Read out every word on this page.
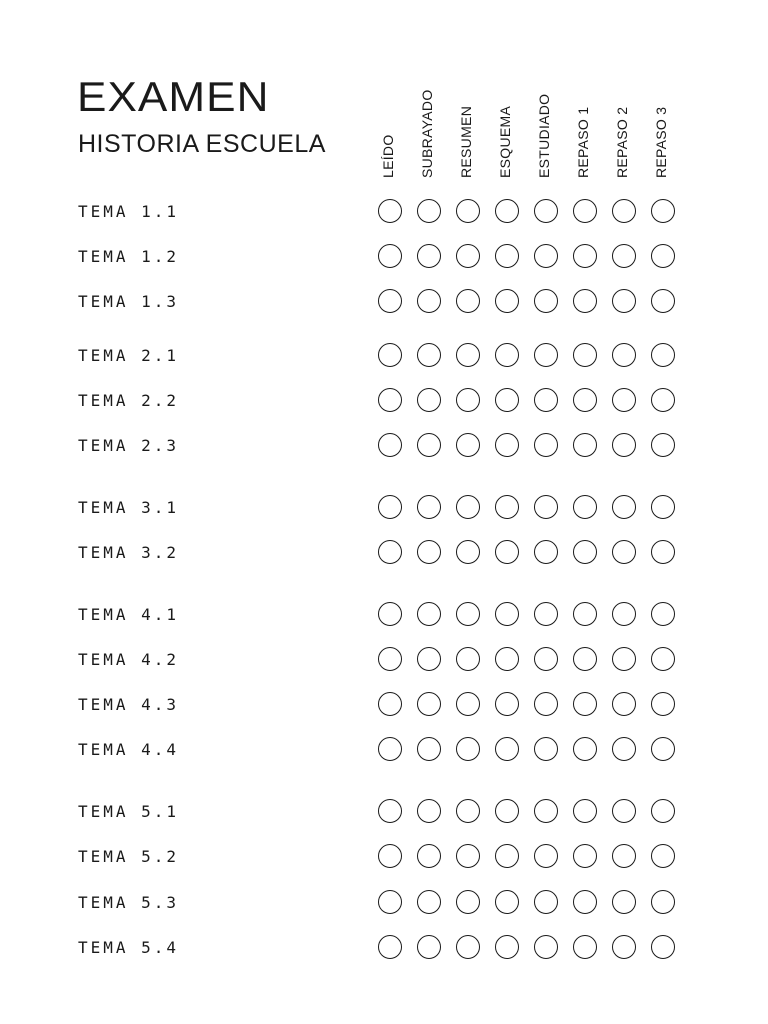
EXAMEN
HISTORIA ESCUELA	LEÍDO SUBRAYADO RESUMEN ESQUEMA ESTUDIADO REPASO 1 REPASO 2 REPASO 3
TEMA 1.1
TEMA 1.2
TEMA 1.3
TEMA 2.1
TEMA 2.2
TEMA 2.3
TEMA 3.1
TEMA 3.2
TEMA 4.1
TEMA 4.2
TEMA 4.3
TEMA 4.4
TEMA 5.1
TEMA 5.2
TEMA 5.3
TEMA 5.4
